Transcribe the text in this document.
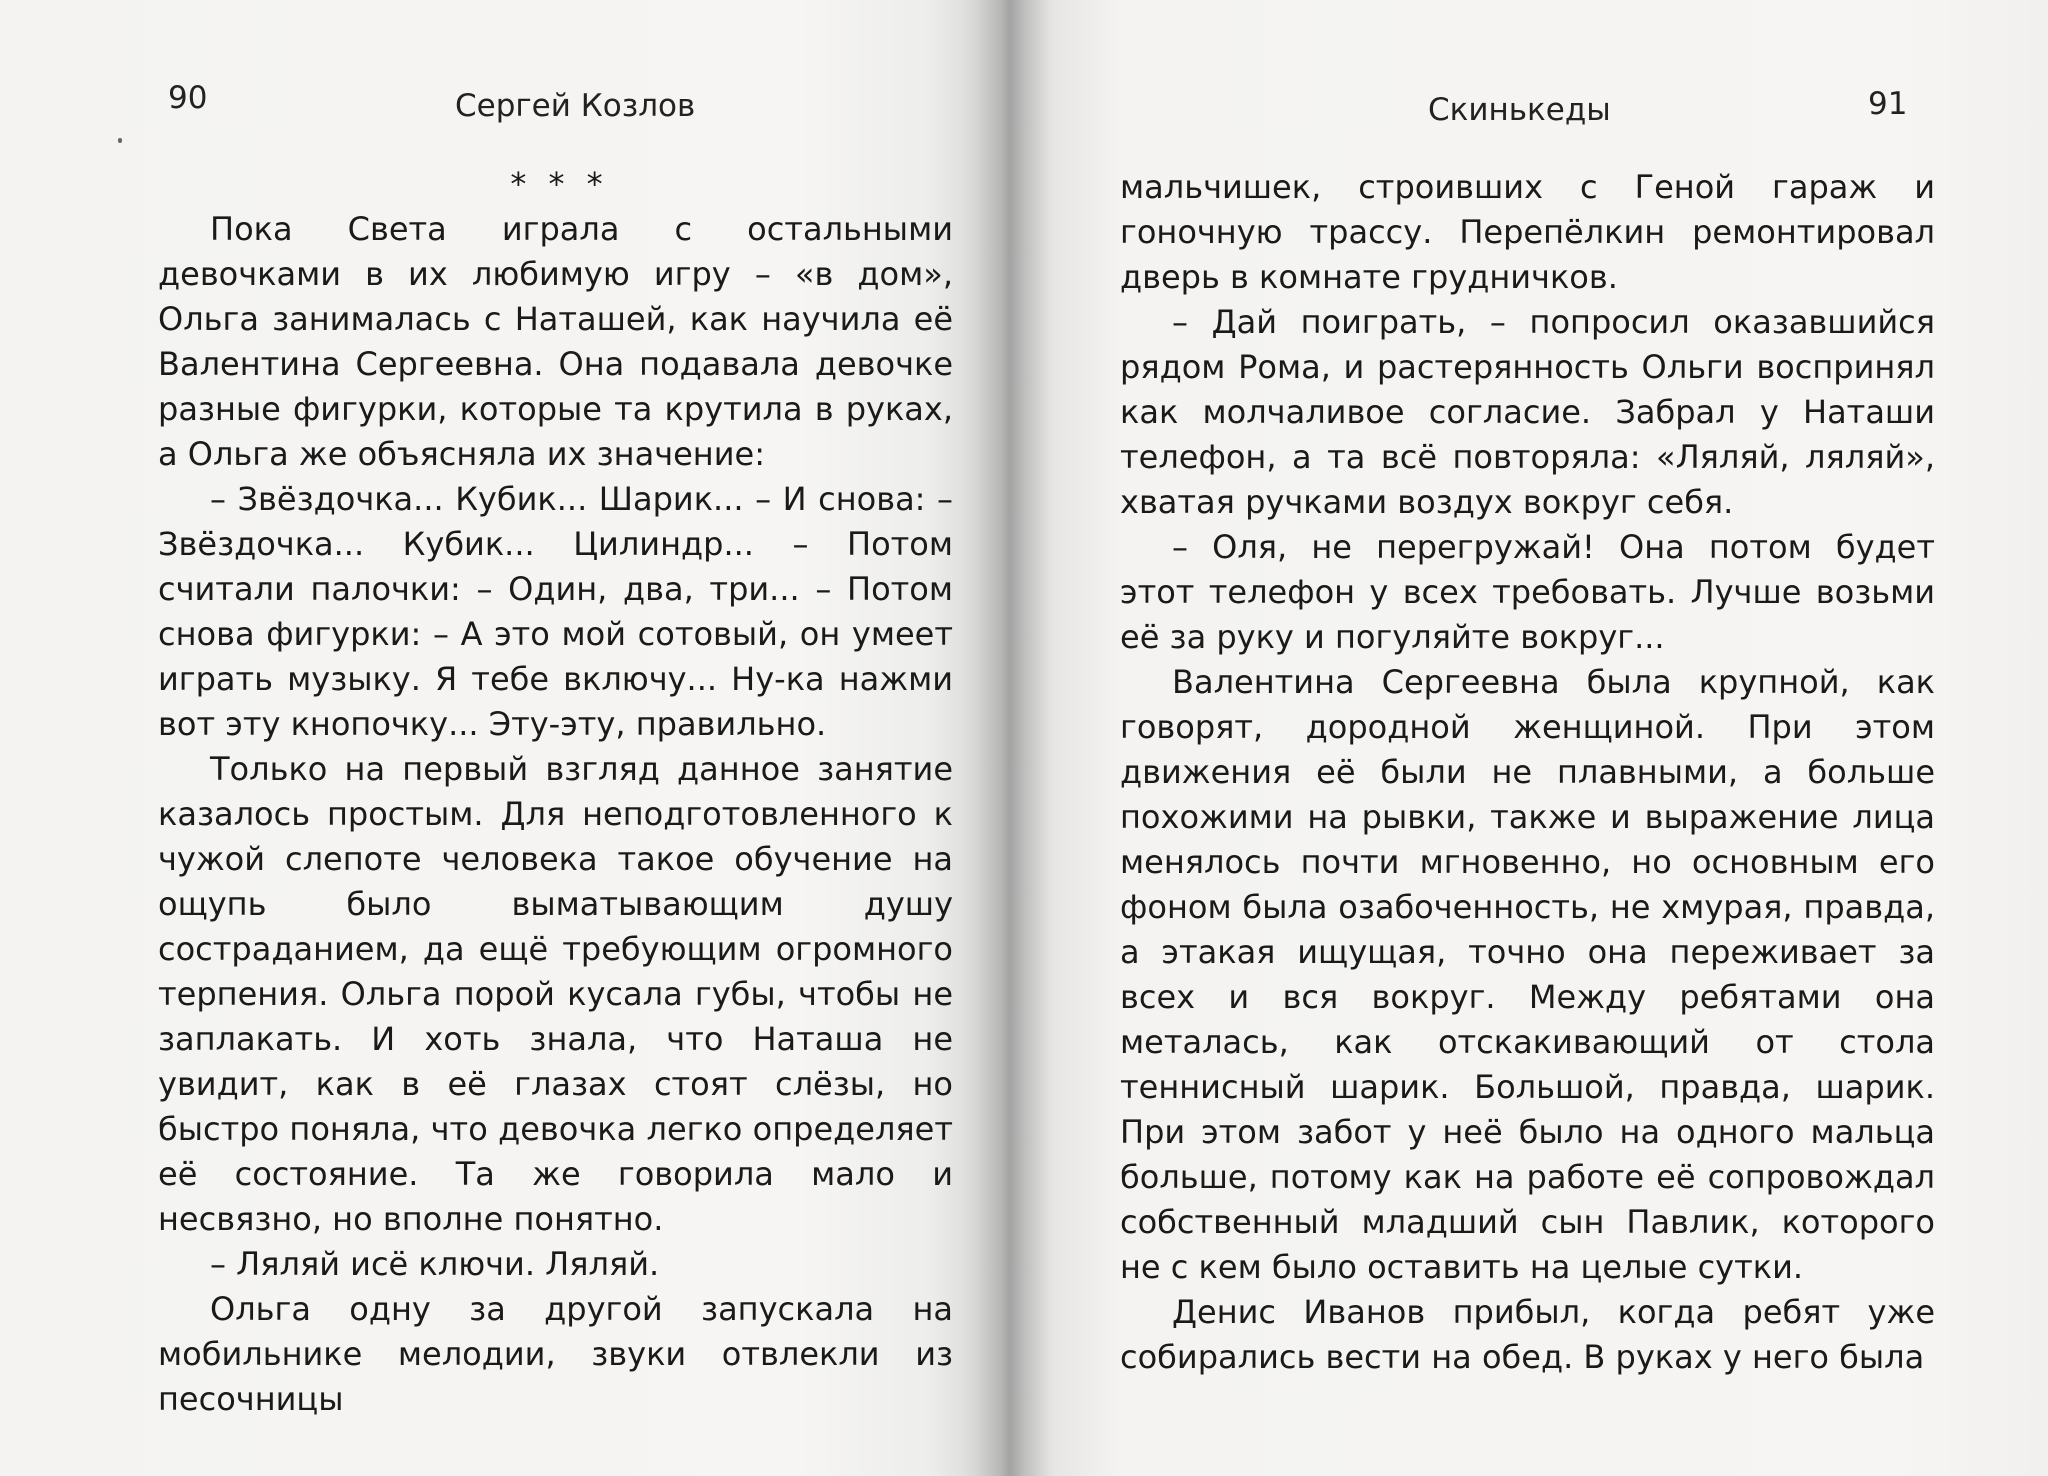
90	Сергей Козлов

* * *

Пока Света играла с остальными девочками в их любимую игру – «в дом», Ольга занималась с Наташей, как научила её Валентина Сергеевна. Она подавала девочке разные фигурки, которые та крутила в руках, а Ольга же объясняла их значение:

– Звёздочка... Кубик... Шарик... – И снова: – Звёздочка... Кубик... Цилиндр... – Потом считали палочки: – Один, два, три... – Потом снова фигурки: – А это мой сотовый, он умеет играть музыку. Я тебе включу... Ну-ка нажми вот эту кнопочку... Эту-эту, правильно.

Только на первый взгляд данное занятие казалось простым. Для неподготовленного к чужой слепоте человека такое обучение на ощупь было выматывающим душу состраданием, да ещё требующим огромного терпения. Ольга порой кусала губы, чтобы не заплакать. И хоть знала, что Наташа не увидит, как в её глазах стоят слёзы, но быстро поняла, что девочка легко определяет её состояние. Та же говорила мало и несвязно, но вполне понятно.

– Ляляй исё ключи. Ляляй.

Ольга одну за другой запускала на мобильнике мелодии, звуки отвлекли из песочницы

Скинькеды	91

мальчишек, строивших с Геной гараж и гоночную трассу. Перепёлкин ремонтировал дверь в комнате грудничков.

– Дай поиграть, – попросил оказавшийся рядом Рома, и растерянность Ольги воспринял как молчаливое согласие. Забрал у Наташи телефон, а та всё повторяла: «Ляляй, ляляй», хватая ручками воздух вокруг себя.

– Оля, не перегружай! Она потом будет этот телефон у всех требовать. Лучше возьми её за руку и погуляйте вокруг...

Валентина Сергеевна была крупной, как говорят, дородной женщиной. При этом движения её были не плавными, а больше похожими на рывки, также и выражение лица менялось почти мгновенно, но основным его фоном была озабоченность, не хмурая, правда, а этакая ищущая, точно она переживает за всех и вся вокруг. Между ребятами она металась, как отскакивающий от стола теннисный шарик. Большой, правда, шарик. При этом забот у неё было на одного мальца больше, потому как на работе её сопровождал собственный младший сын Павлик, которого не с кем было оставить на целые сутки.

Денис Иванов прибыл, когда ребят уже собирались вести на обед. В руках у него была
